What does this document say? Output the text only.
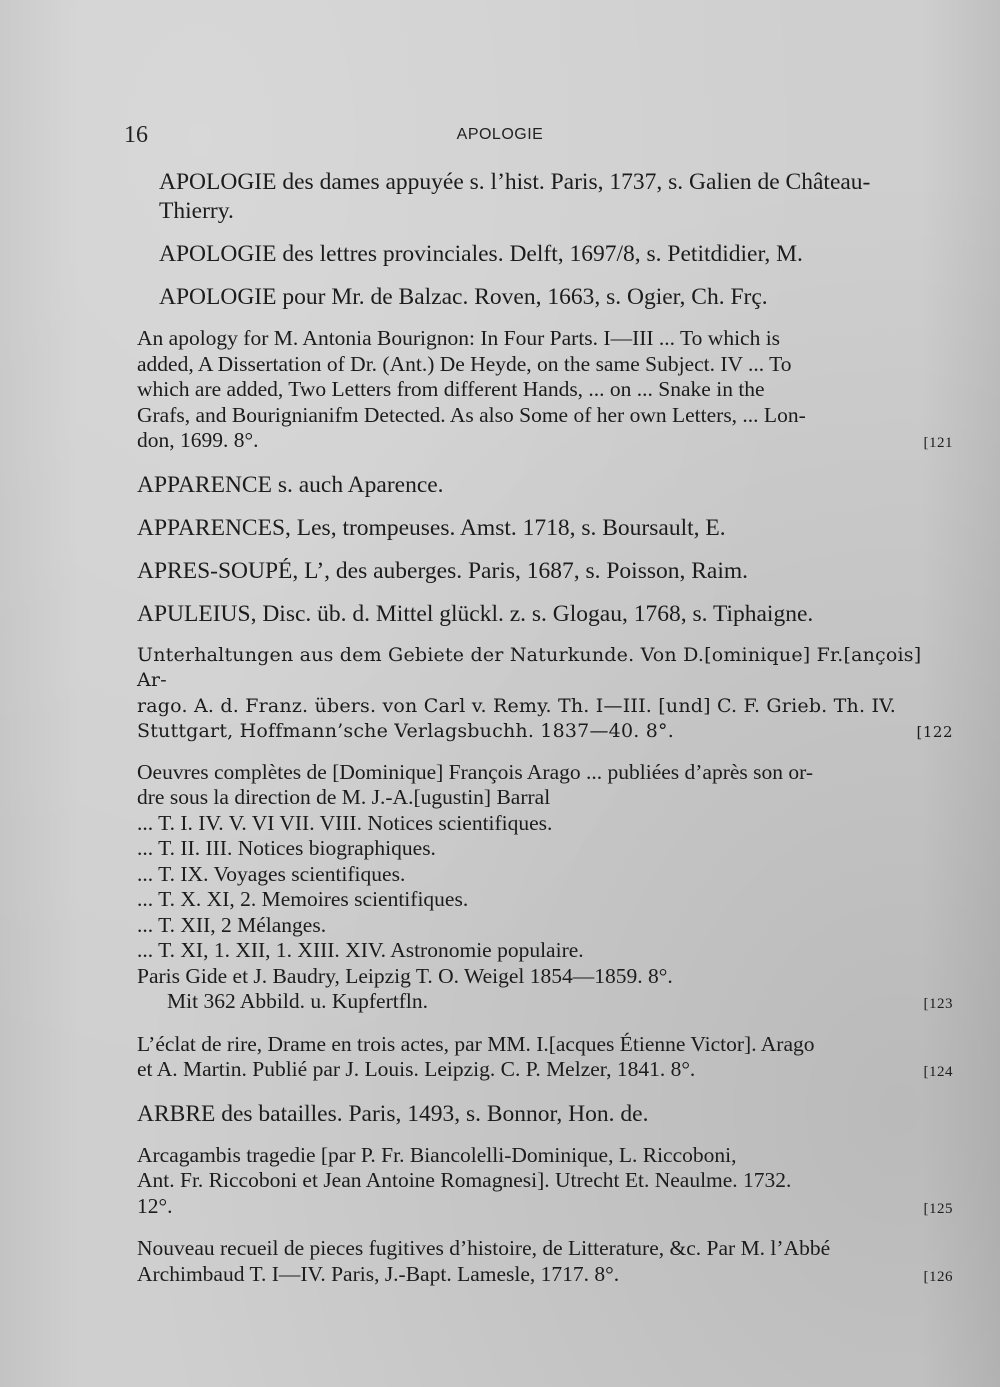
16	APOLOGIE
APOLOGIE des dames appuyée s. l’hist. Paris, 1737, s. Galien de Château-
Thierry.
APOLOGIE des lettres provinciales. Delft, 1697/8, s. Petitdidier, M.
APOLOGIE pour Mr. de Balzac. Roven, 1663, s. Ogier, Ch. Frç.
An apology for M. Antonia Bourignon: In Four Parts. I—III ... To which is
added, A Dissertation of Dr. (Ant.) De Heyde, on the same Subject. IV ... To
which are added, Two Letters from different Hands, ... on ... Snake in the
Grafs, and Bourignianifm Detected. As also Some of her own Letters, ... Lon-
don, 1699. 8°.	[121
APPARENCE s. auch Aparence.
APPARENCES, Les, trompeuses. Amst. 1718, s. Boursault, E.
APRES-SOUPÉ, L’, des auberges. Paris, 1687, s. Poisson, Raim.
APULEIUS, Disc. üb. d. Mittel glückl. z. s. Glogau, 1768, s. Tiphaigne.
Unterhaltungen aus dem Gebiete der Naturkunde. Von D.[ominique] Fr.[ançois] Ar-
rago. A. d. Franz. übers. von Carl v. Remy. Th. I—III. [und] C. F. Grieb. Th. IV.
Stuttgart, Hoffmann’sche Verlagsbuchh. 1837—40. 8°.	[122
Oeuvres complètes de [Dominique] François Arago ... publiées d’après son or-
dre sous la direction de M. J.-A.[ugustin] Barral
... T. I. IV. V. VI VII. VIII. Notices scientifiques.
... T. II. III. Notices biographiques.
... T. IX. Voyages scientifiques.
... T. X. XI, 2. Memoires scientifiques.
... T. XII, 2 Mélanges.
... T. XI, 1. XII, 1. XIII. XIV. Astronomie populaire.
Paris Gide et J. Baudry, Leipzig T. O. Weigel 1854—1859. 8°.
Mit 362 Abbild. u. Kupfertfln.	[123
L’éclat de rire, Drame en trois actes, par MM. I.[acques Étienne Victor]. Arago
et A. Martin. Publié par J. Louis. Leipzig. C. P. Melzer, 1841. 8°.	[124
ARBRE des batailles. Paris, 1493, s. Bonnor, Hon. de.
Arcagambis tragedie [par P. Fr. Biancolelli-Dominique, L. Riccoboni,
Ant. Fr. Riccoboni et Jean Antoine Romagnesi]. Utrecht Et. Neaulme. 1732.
12°.	[125
Nouveau recueil de pieces fugitives d’histoire, de Litterature, &c. Par M. l’Abbé
Archimbaud T. I—IV. Paris, J.-Bapt. Lamesle, 1717. 8°.	[126
